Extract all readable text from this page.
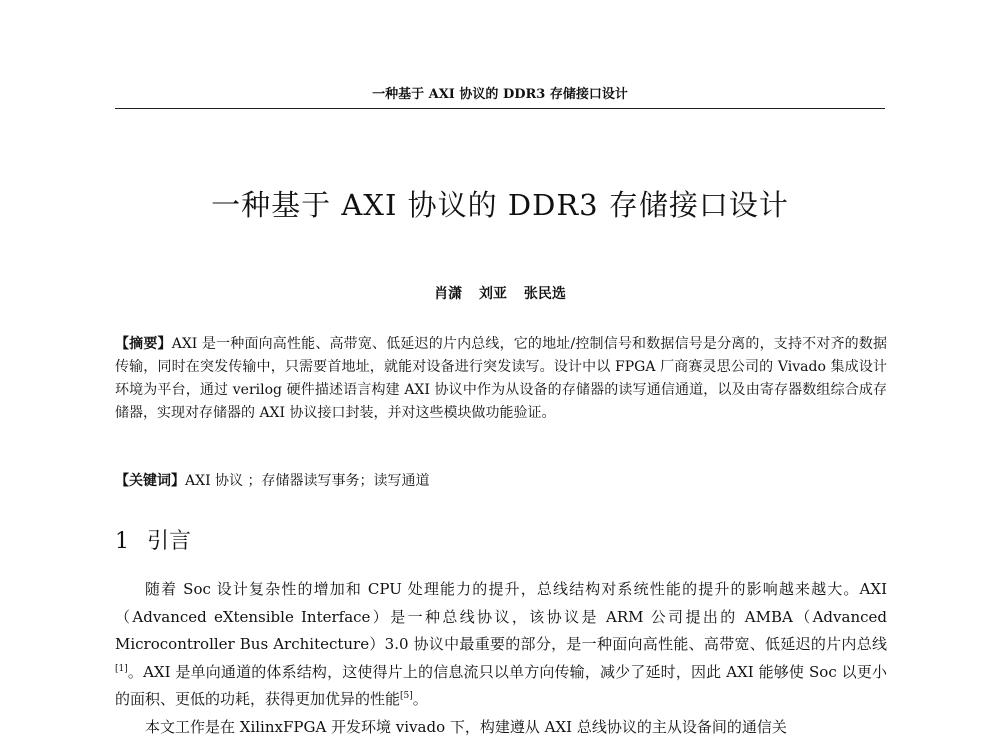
一种基于 AXI 协议的 DDR3 存储接口设计
一种基于 AXI 协议的 DDR3 存储接口设计
肖潇 刘亚 张民选
【摘要】AXI 是一种面向高性能、高带宽、低延迟的片内总线，它的地址/控制信号和数据信号是分离的，支持不对齐的数据传输，同时在突发传输中，只需要首地址，就能对设备进行突发读写。设计中以 FPGA 厂商赛灵思公司的 Vivado 集成设计环境为平台，通过 verilog 硬件描述语言构建 AXI 协议中作为从设备的存储器的读写通信通道，以及由寄存器数组综合成存储器，实现对存储器的 AXI 协议接口封装，并对这些模块做功能验证。
【关键词】AXI 协议 ；存储器读写事务；读写通道
1 引言

随着 Soc 设计复杂性的增加和 CPU 处理能力的提升，总线结构对系统性能的提升的影响越来越大。AXI（Advanced eXtensible Interface）是一种总线协议，该协议是 ARM 公司提出的 AMBA（Advanced Microcontroller Bus Architecture）3.0 协议中最重要的部分，是一种面向高性能、高带宽、低延迟的片内总线[1]。AXI 是单向通道的体系结构，这使得片上的信息流只以单方向传输，减少了延时，因此 AXI 能够使 Soc 以更小的面积、更低的功耗，获得更加优异的性能[5]。

本文工作是在 XilinxFPGA 开发环境 vivado 下，构建遵从 AXI 总线协议的主从设备间的通信关
